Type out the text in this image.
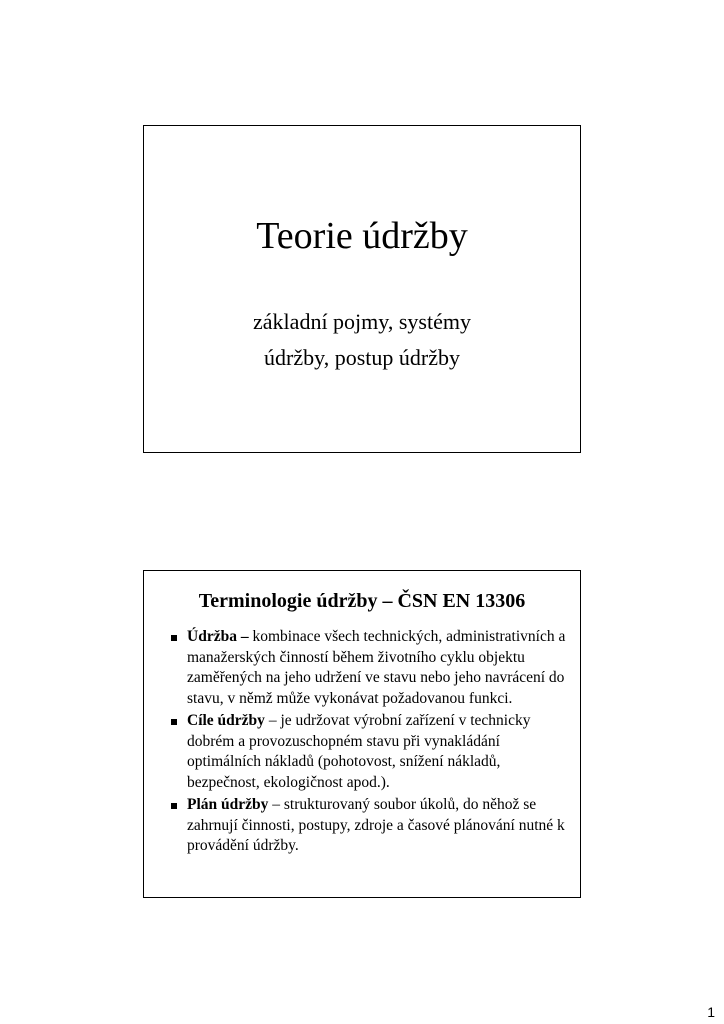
Teorie údržby
základní pojmy, systémy
údržby, postup údržby
Terminologie údržby – ČSN EN 13306
Údržba – kombinace všech technických, administrativních a manažerských činností během životního cyklu objektu zaměřených na jeho udržení ve stavu nebo jeho navrácení do stavu, v němž může vykonávat požadovanou funkci.
Cíle údržby – je udržovat výrobní zařízení v technicky dobrém a provozuschopném stavu při vynakládání optimálních nákladů (pohotovost, snížení nákladů, bezpečnost, ekologičnost apod.).
Plán údržby – strukturovaný soubor úkolů, do něhož se zahrnují činnosti, postupy, zdroje a časové plánování nutné k provádění údržby.
1
